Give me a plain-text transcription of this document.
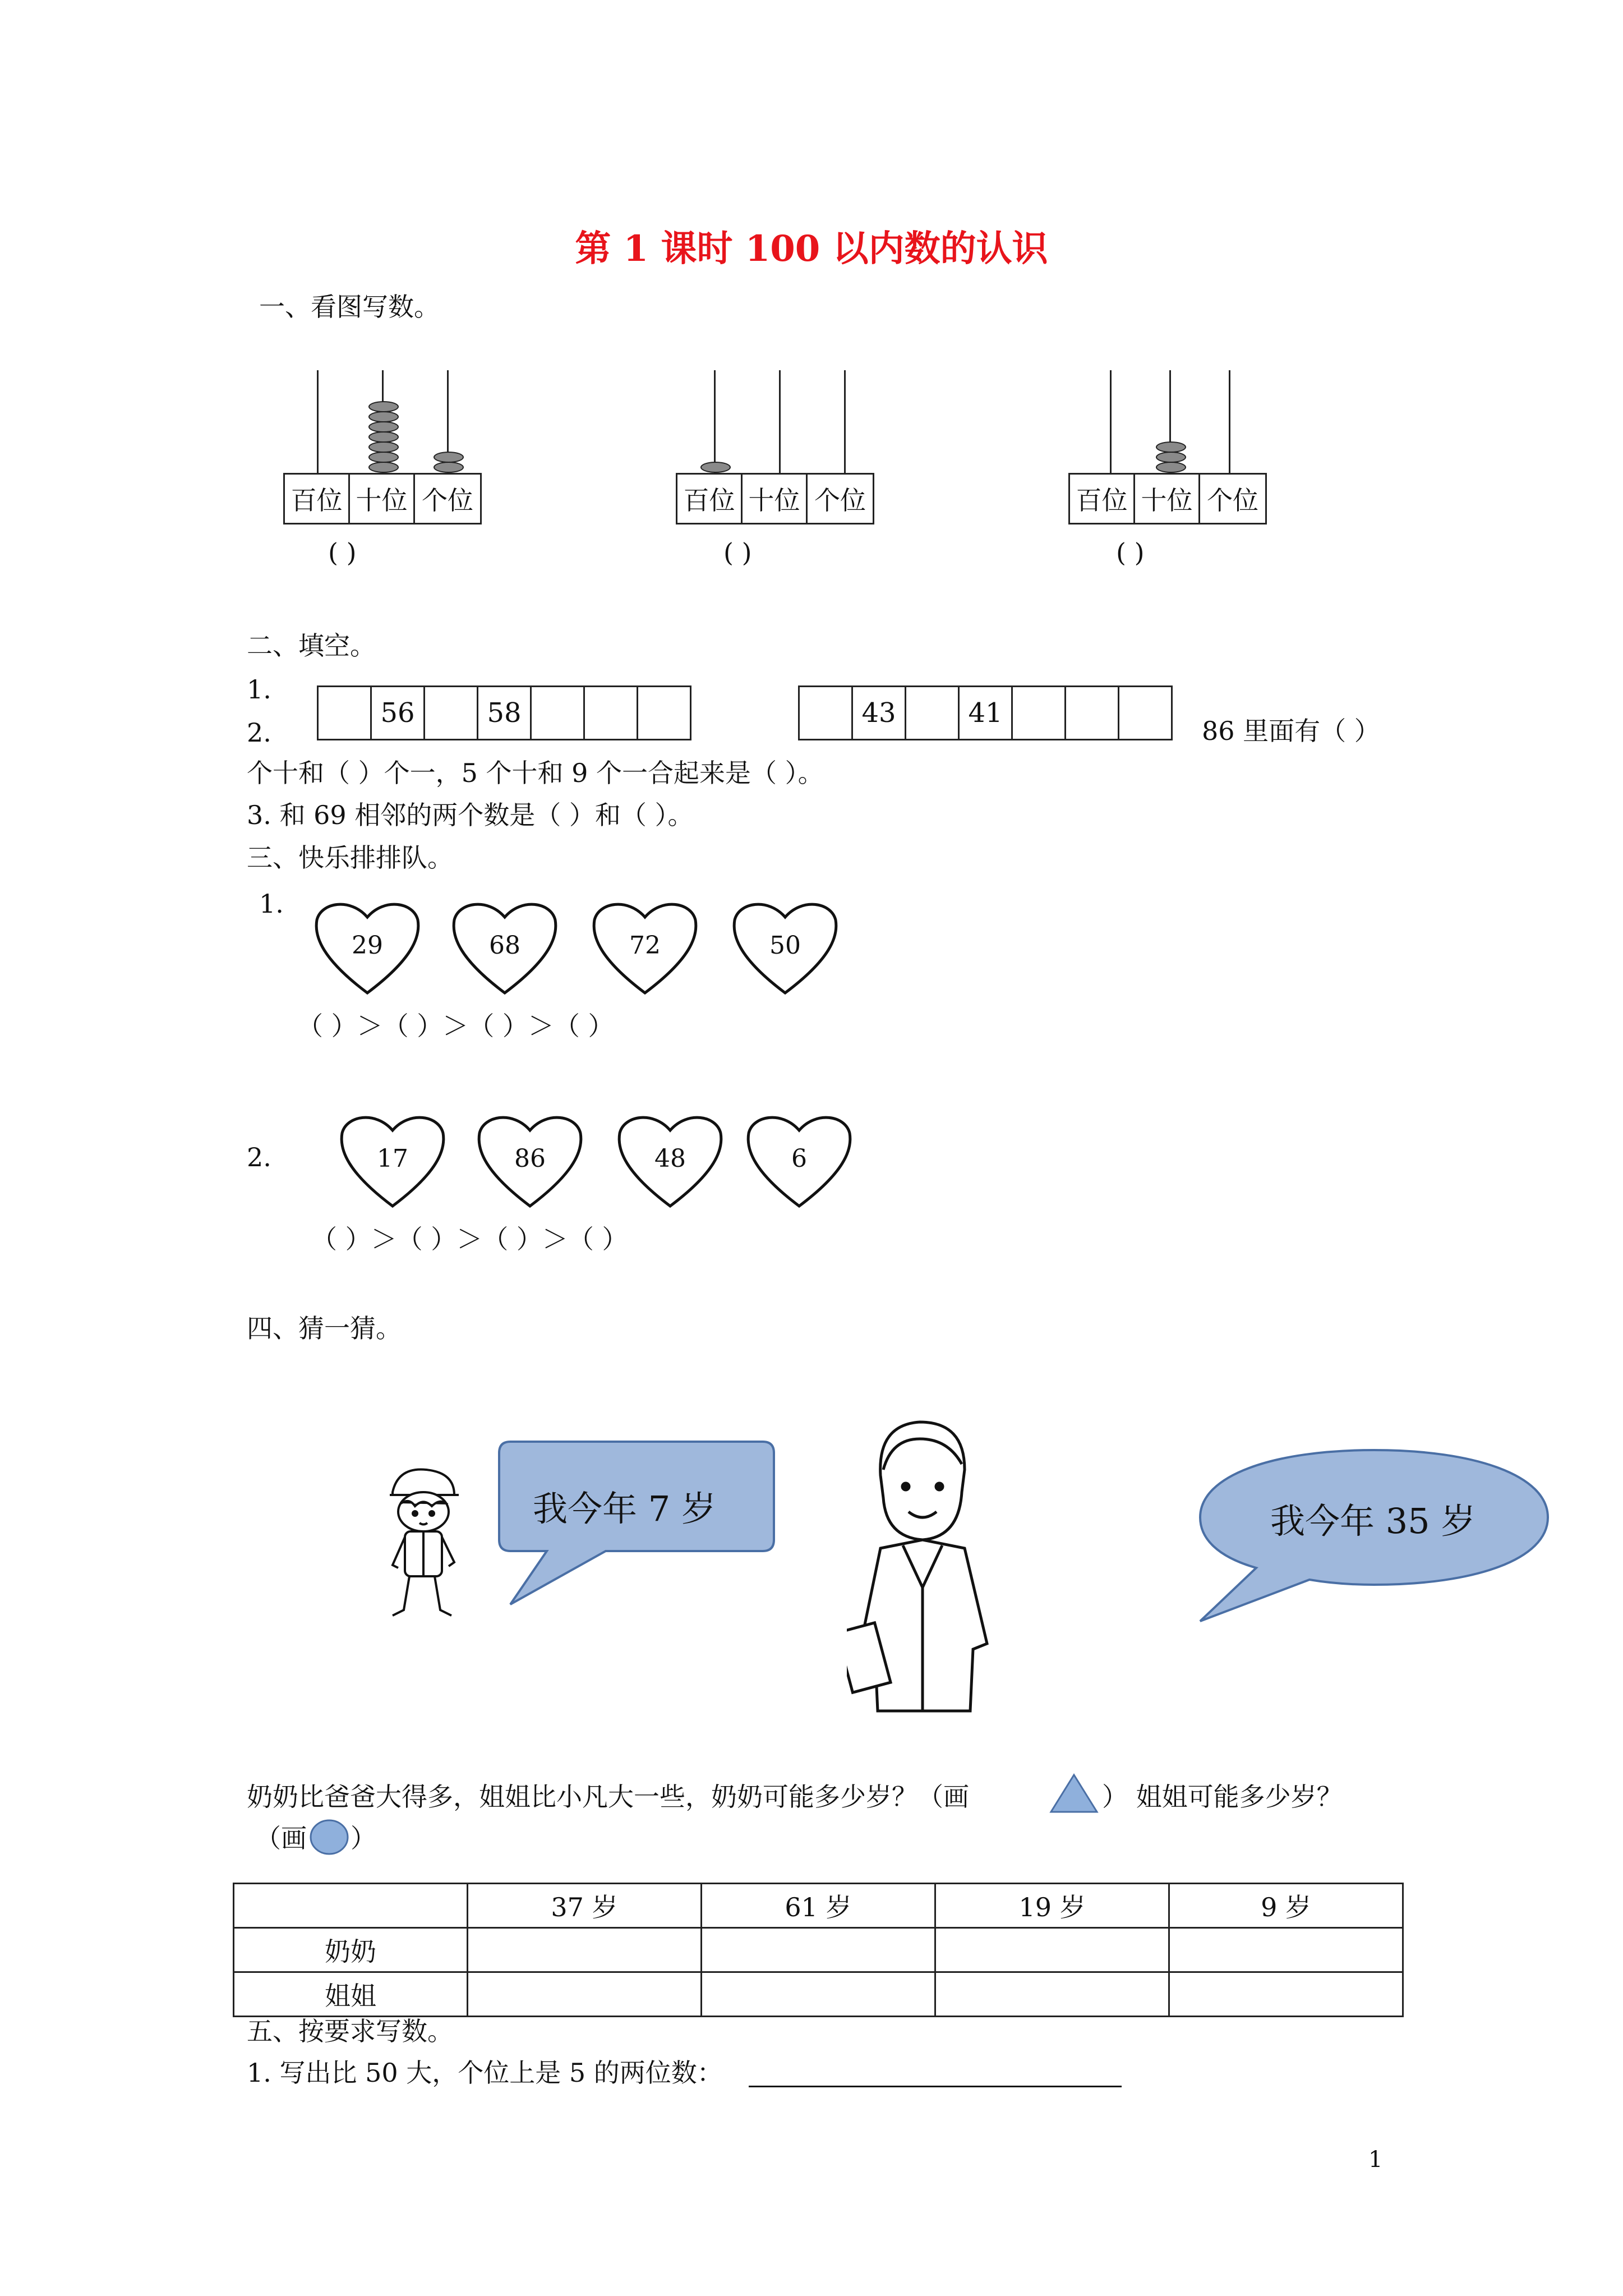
第 1 课时 100 以内数的认识
一、看图写数。
百位 十位 个位
( )
百位 十位 个位
( )
百位 十位 个位
( )
二、填空。
1.
2.
56	58	43	41
86 里面有（ ）
个十和（ ）个一，5 个十和 9 个一合起来是（ ）。
3. 和 69 相邻的两个数是（ ）和（ ）。
三、快乐排排队。
1.
29	68	72	50
（ ）＞（ ）＞（ ）＞（ ）
2.	17	86	48	6
（ ）＞（ ）＞（ ）＞（ ）
四、猜一猜。
我今年 7 岁	我今年 35 岁
奶奶比爸爸大得多，姐姐比小凡大一些，奶奶可能多少岁？（画	） 姐姐可能多少岁？
（画 ）
	37 岁	61 岁	19 岁	9 岁
奶奶				
姐姐				
五、按要求写数。
1. 写出比 50 大，个位上是 5 的两位数：
1
